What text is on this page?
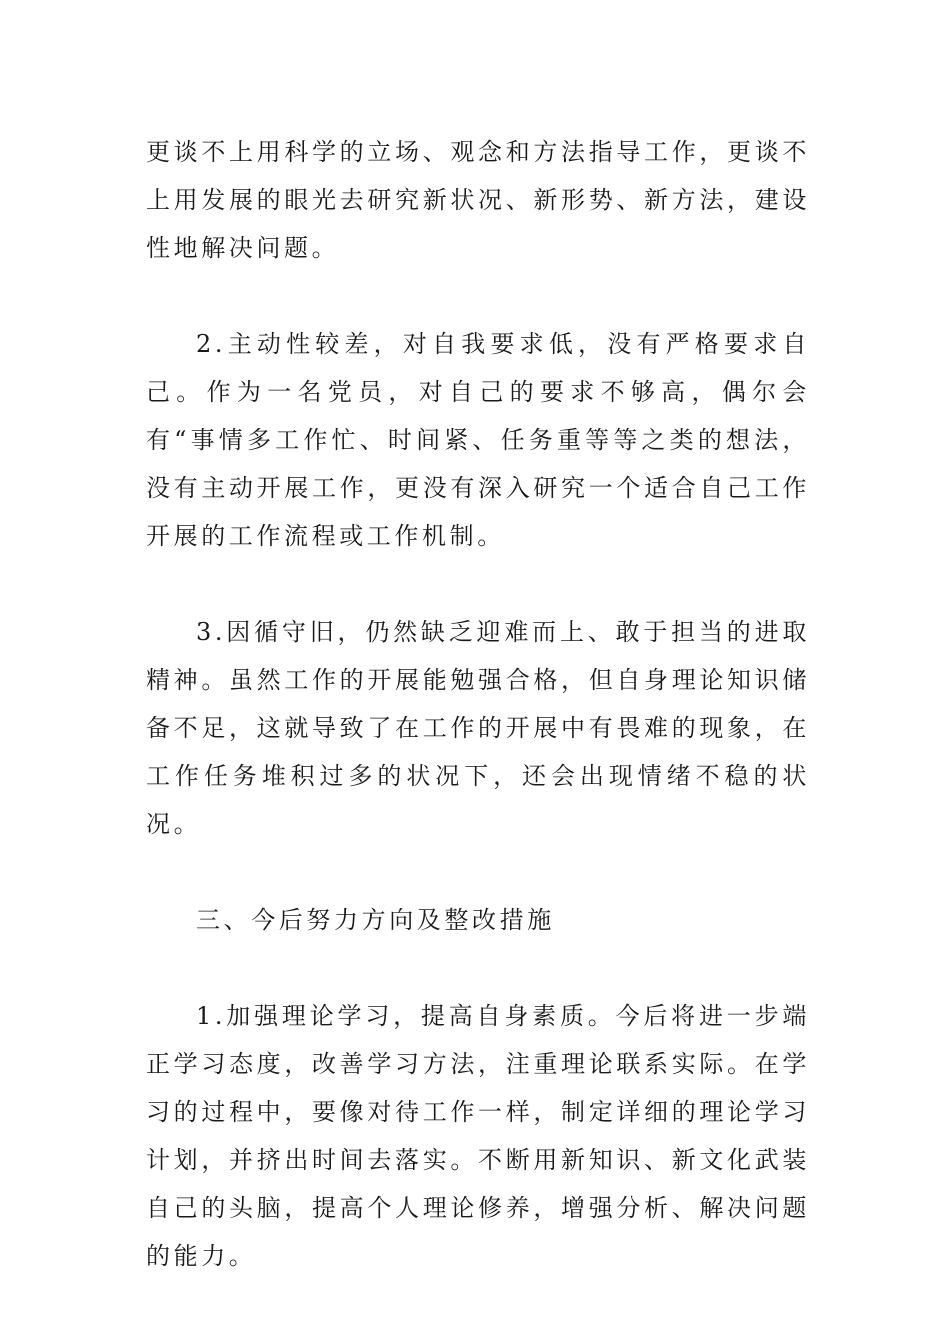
更谈不上用科学的立场、观念和方法指导工作，更谈不上用发展的眼光去研究新状况、新形势、新方法，建设性地解决问题。

2.主动性较差，对自我要求低，没有严格要求自己。作为一名党员，对自己的要求不够高，偶尔会有“事情多工作忙、时间紧、任务重等等之类的想法，没有主动开展工作，更没有深入研究一个适合自己工作开展的工作流程或工作机制。

3.因循守旧，仍然缺乏迎难而上、敢于担当的进取精神。虽然工作的开展能勉强合格，但自身理论知识储备不足，这就导致了在工作的开展中有畏难的现象，在工作任务堆积过多的状况下，还会出现情绪不稳的状况。

三、今后努力方向及整改措施

1.加强理论学习，提高自身素质。今后将进一步端正学习态度，改善学习方法，注重理论联系实际。在学习的过程中，要像对待工作一样，制定详细的理论学习计划，并挤出时间去落实。不断用新知识、新文化武装自己的头脑，提高个人理论修养，增强分析、解决问题的能力。
